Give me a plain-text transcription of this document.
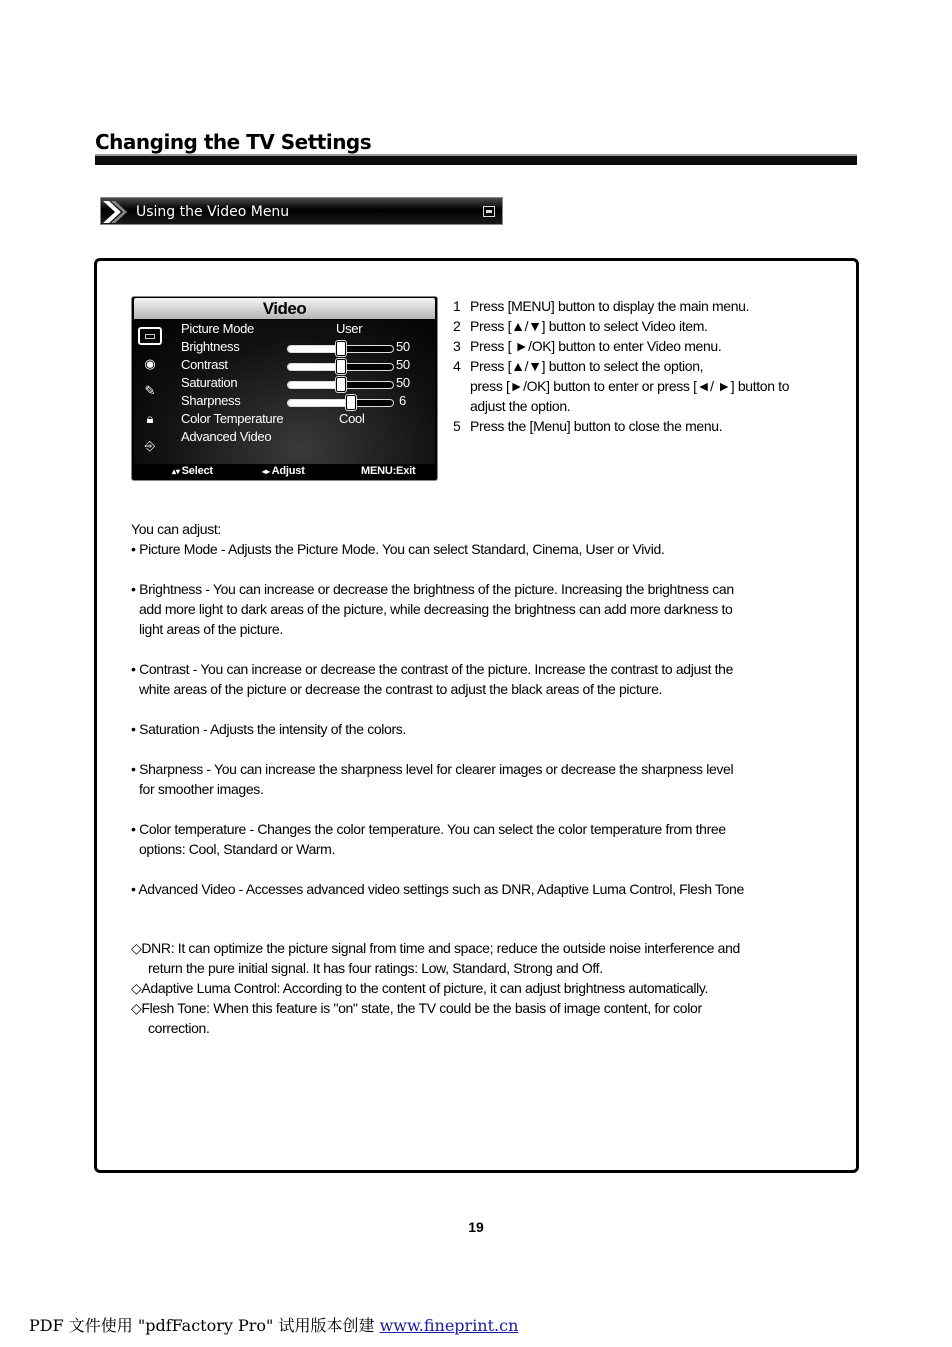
Changing the TV Settings
Using the Video Menu
Video
▭
◉
✎
🔒︎
⎆
Picture Mode	User
Brightness	50
Contrast	50
Saturation	50
Sharpness	6
Color Temperature	Cool
Advanced Video
▴▾ Select	◂▸ Adjust	MENU:Exit
1 Press [MENU] button to display the main menu.
2 Press [▲/▼] button to select Video item.
3 Press [ ►/OK] button to enter Video menu.
4 Press [▲/▼] button to select the option,
press [►/OK] button to enter or press [◄/ ►] button to
adjust the option.
5 Press the [Menu] button to close the menu.
You can adjust:
• Picture Mode - Adjusts the Picture Mode. You can select Standard, Cinema, User or Vivid.
• Brightness - You can increase or decrease the brightness of the picture. Increasing the brightness can
add more light to dark areas of the picture, while decreasing the brightness can add more darkness to
light areas of the picture.
• Contrast - You can increase or decrease the contrast of the picture. Increase the contrast to adjust the
white areas of the picture or decrease the contrast to adjust the black areas of the picture.
• Saturation - Adjusts the intensity of the colors.
• Sharpness - You can increase the sharpness level for clearer images or decrease the sharpness level
for smoother images.
• Color temperature - Changes the color temperature. You can select the color temperature from three
options: Cool, Standard or Warm.
• Advanced Video - Accesses advanced video settings such as DNR, Adaptive Luma Control, Flesh Tone
◇DNR: It can optimize the picture signal from time and space; reduce the outside noise interference and
return the pure initial signal. It has four ratings: Low, Standard, Strong and Off.
◇Adaptive Luma Control: According to the content of picture, it can adjust brightness automatically.
◇Flesh Tone: When this feature is "on" state, the TV could be the basis of image content, for color
correction.
19
PDF 文件使用 "pdfFactory Pro" 试用版本创建 www.fineprint.cn
